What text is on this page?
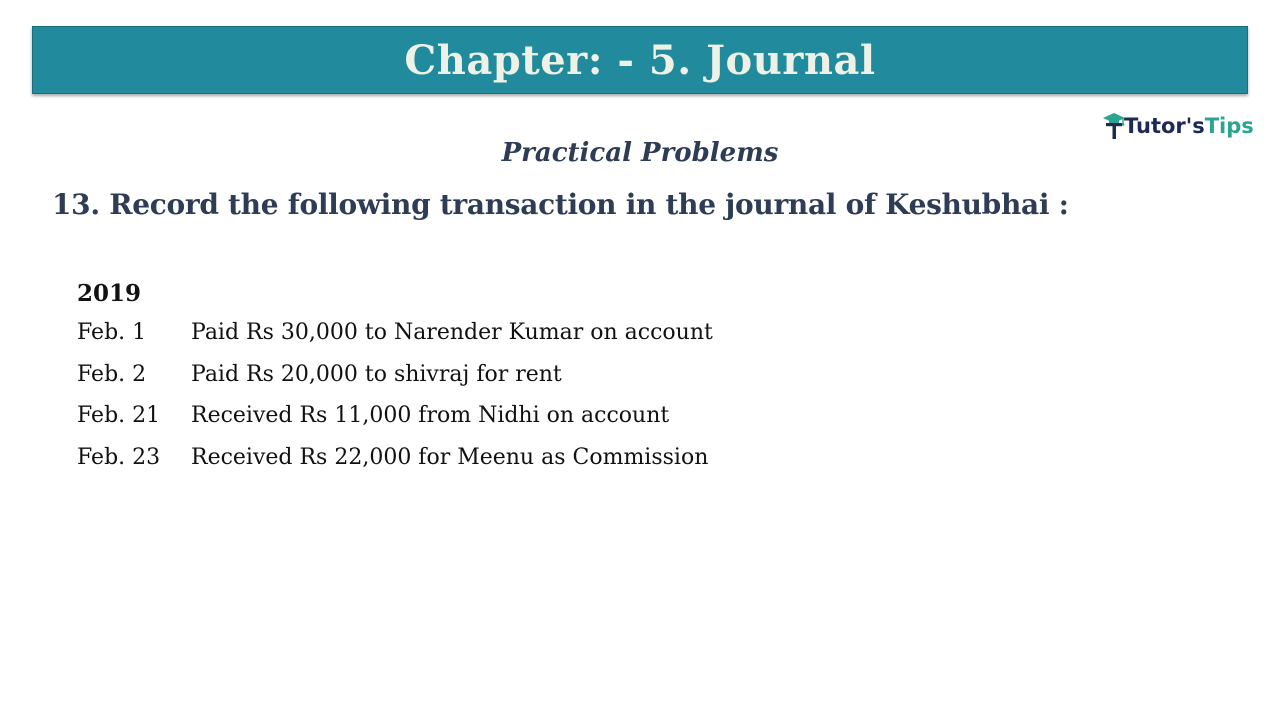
Chapter: - 5. Journal
Tutor'sTips
Practical Problems
13. Record the following transaction in the journal of Keshubhai :
2019
Feb. 1	Paid Rs 30,000 to Narender Kumar on account
Feb. 2	Paid Rs 20,000 to shivraj for rent
Feb. 21	Received Rs 11,000 from Nidhi on account
Feb. 23	Received Rs 22,000 for Meenu as Commission
